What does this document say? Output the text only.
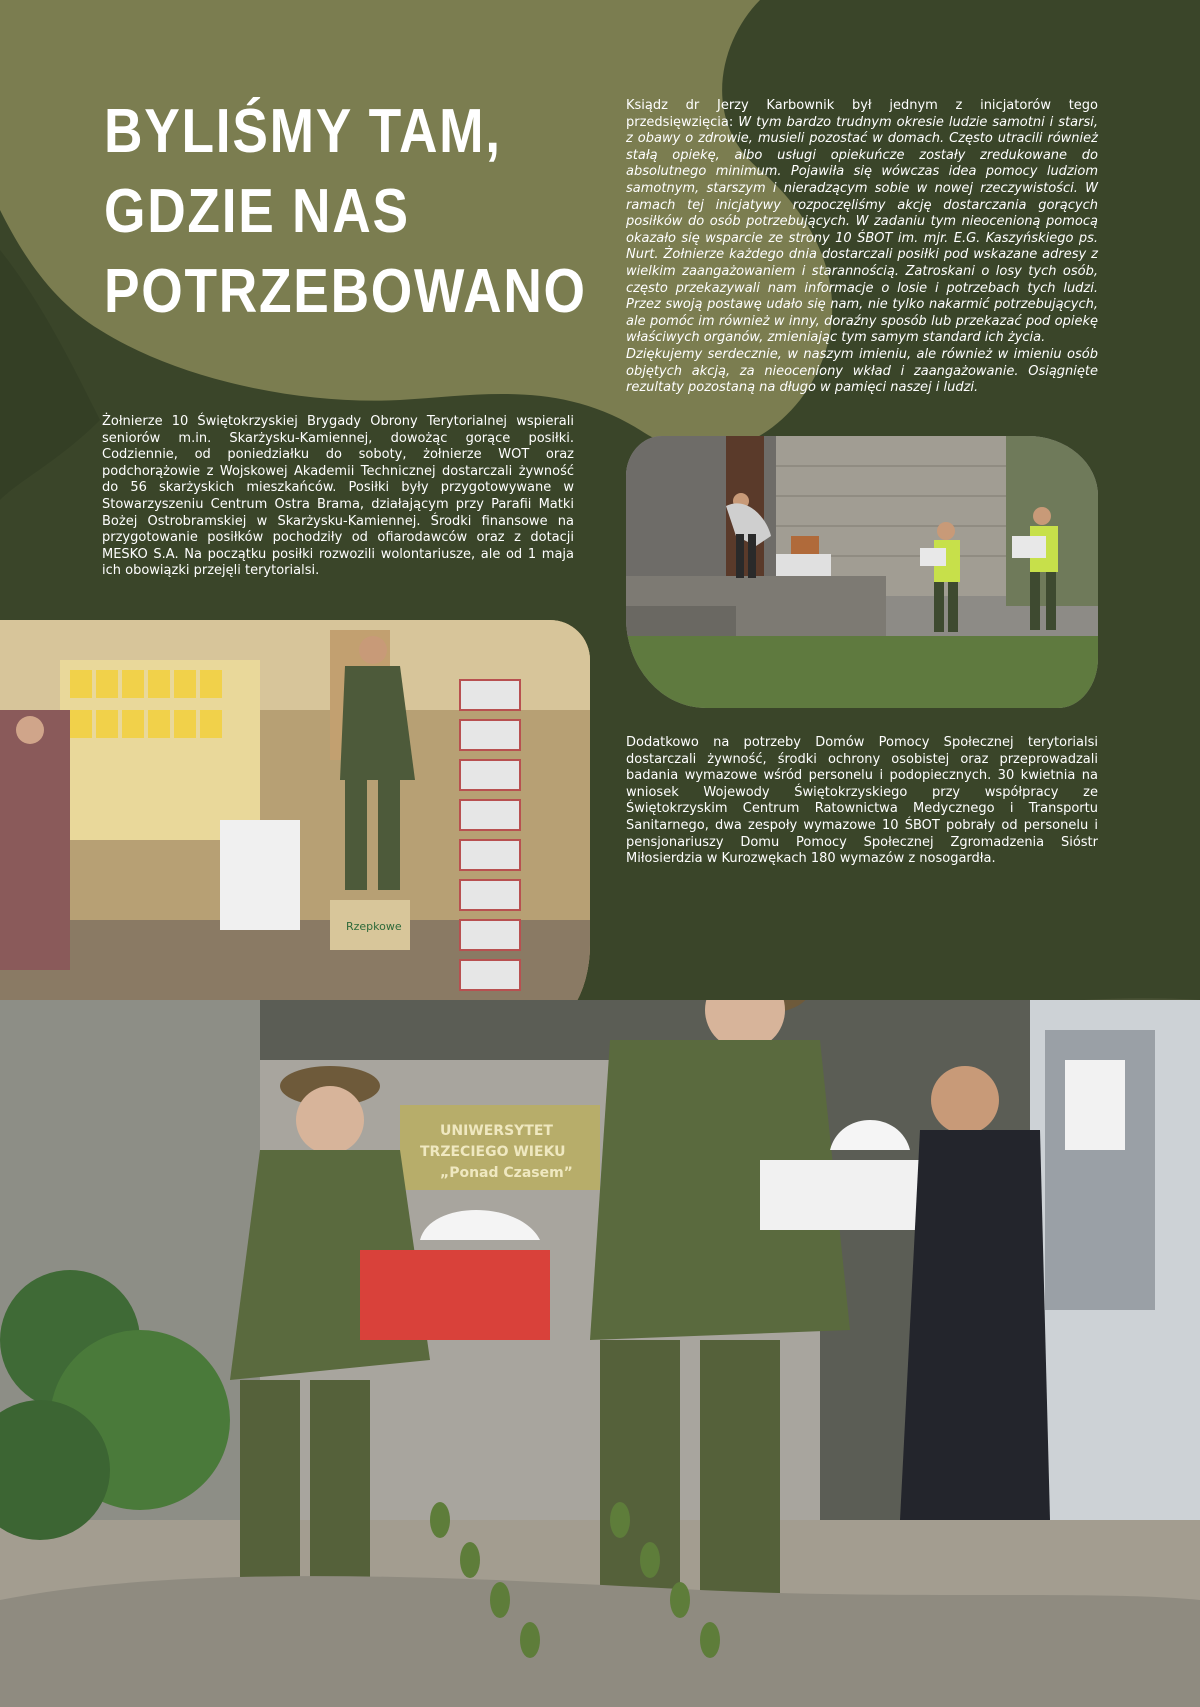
BYLIŚMY TAM,
GDZIE NAS
POTRZEBOWANO
Ksiądz dr Jerzy Karbownik był jednym z inicjatorów tego przedsięwzięcia: W tym bardzo trudnym okresie ludzie samotni i starsi, z obawy o zdrowie, musieli pozostać w domach. Często utracili również stałą opiekę, albo usługi opiekuńcze zostały zredukowane do absolutnego minimum. Pojawiła się wówczas idea pomocy ludziom samotnym, starszym i nieradzącym sobie w nowej rzeczywistości. W ramach tej inicjatywy rozpoczęliśmy akcję dostarczania gorących posiłków do osób potrzebujących. W zadaniu tym nieocenioną pomocą okazało się wsparcie ze strony 10 ŚBOT im. mjr. E.G. Kaszyńskiego ps. Nurt. Żołnierze każdego dnia dostarczali posiłki pod wskazane adresy z wielkim zaangażowaniem i starannością. Zatroskani o losy tych osób, często przekazywali nam informacje o losie i potrzebach tych ludzi. Przez swoją postawę udało się nam, nie tylko nakarmić potrzebujących, ale pomóc im również w inny, doraźny sposób lub przekazać pod opiekę właściwych organów, zmieniając tym samym standard ich życia.
Dziękujemy serdecznie, w naszym imieniu, ale również w imieniu osób objętych akcją, za nieoceniony wkład i zaangażowanie. Osiągnięte rezultaty pozostaną na długo w pamięci naszej i ludzi.

Żołnierze 10 Świętokrzyskiej Brygady Obrony Terytorialnej wspierali seniorów m.in. Skarżysku-Kamiennej, dowożąc gorące posiłki. Codziennie, od poniedziałku do soboty, żołnierze WOT oraz podchorążowie z Wojskowej Akademii Technicznej dostarczali żywność do 56 skarżyskich mieszkańców. Posiłki były przygotowywane w Stowarzyszeniu Centrum Ostra Brama, działającym przy Parafii Matki Bożej Ostrobramskiej w Skarżysku-Kamiennej. Środki finansowe na przygotowanie posiłków pochodziły od ofiarodawców oraz z dotacji MESKO S.A. Na początku posiłki rozwozili wolontariusze, ale od 1 maja ich obowiązki przejęli terytorialsi.

Dodatkowo na potrzeby Domów Pomocy Społecznej terytorialsi dostarczali żywność, środki ochrony osobistej oraz przeprowadzali badania wymazowe wśród personelu i podopiecznych. 30 kwietnia na wniosek Wojewody Świętokrzyskiego przy współpracy ze Świętokrzyskim Centrum Ratownictwa Medycznego i Transportu Sanitarnego, dwa zespoły wymazowe 10 ŚBOT pobrały od personelu i pensjonariuszy Domu Pomocy Społecznej Zgromadzenia Sióstr Miłosierdzia w Kurozwękach 180 wymazów z nosogardła.

Rzepkowe
UNIWERSYTET
TRZECIEGO WIEKU
„Ponad Czasem”
